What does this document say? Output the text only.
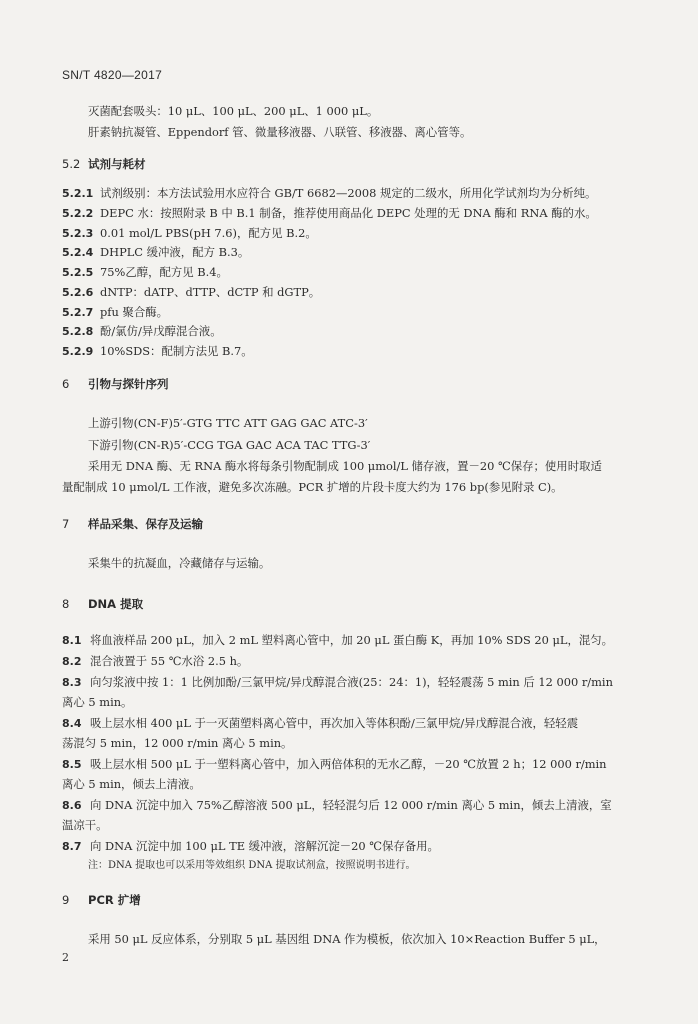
SN/T 4820—2017
灭菌配套吸头：10 μL、100 μL、200 μL、1 000 μL。
肝素钠抗凝管、Eppendorf 管、微量移液器、八联管、移液器、离心管等。
5.2 试剂与耗材
5.2.1 试剂级别：本方法试验用水应符合 GB/T 6682—2008 规定的二级水，所用化学试剂均为分析纯。
5.2.2 DEPC 水：按照附录 B 中 B.1 制备，推荐使用商品化 DEPC 处理的无 DNA 酶和 RNA 酶的水。
5.2.3 0.01 mol/L PBS(pH 7.6)，配方见 B.2。
5.2.4 DHPLC 缓冲液，配方 B.3。
5.2.5 75%乙醇，配方见 B.4。
5.2.6 dNTP：dATP、dTTP、dCTP 和 dGTP。
5.2.7 pfu 聚合酶。
5.2.8 酚/氯仿/异戊醇混合液。
5.2.9 10%SDS：配制方法见 B.7。
6 引物与探针序列
上游引物(CN-F)5′-GTG TTC ATT GAG GAC ATC-3′
下游引物(CN-R)5′-CCG TGA GAC ACA TAC TTG-3′
采用无 DNA 酶、无 RNA 酶水将每条引物配制成 100 μmol/L 储存液，置－20 ℃保存；使用时取适
量配制成 10 μmol/L 工作液，避免多次冻融。PCR 扩增的片段卡度大约为 176 bp(参见附录 C)。
7 样品采集、保存及运输
采集牛的抗凝血，冷藏储存与运输。
8 DNA 提取
8.1 将血液样品 200 μL，加入 2 mL 塑料离心管中，加 20 μL 蛋白酶 K，再加 10% SDS 20 μL，混匀。
8.2 混合液置于 55 ℃水浴 2.5 h。
8.3 向匀浆液中按 1：1 比例加酚/三氯甲烷/异戊醇混合液(25：24：1)，轻轻震荡 5 min 后 12 000 r/min
离心 5 min。
8.4 吸上层水相 400 μL 于一灭菌塑料离心管中，再次加入等体积酚/三氯甲烷/异戊醇混合液，轻轻震
荡混匀 5 min，12 000 r/min 离心 5 min。
8.5 吸上层水相 500 μL 于一塑料离心管中，加入两倍体积的无水乙醇，－20 ℃放置 2 h；12 000 r/min
离心 5 min，倾去上清液。
8.6 向 DNA 沉淀中加入 75%乙醇溶液 500 μL，轻轻混匀后 12 000 r/min 离心 5 min，倾去上清液，室
温凉干。
8.7 向 DNA 沉淀中加 100 μL TE 缓冲液，溶解沉淀－20 ℃保存备用。
注：DNA 提取也可以采用等效组织 DNA 提取试剂盒，按照说明书进行。
9 PCR 扩增
采用 50 μL 反应体系，分别取 5 μL 基因组 DNA 作为模板，依次加入 10×Reaction Buffer 5 μL，
2
